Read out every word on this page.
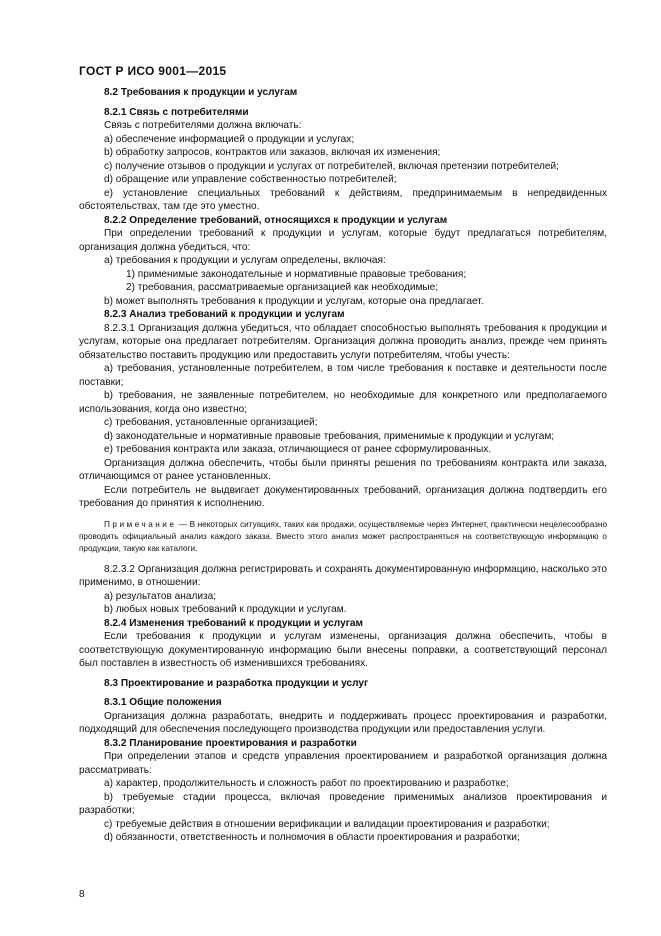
ГОСТ Р ИСО 9001—2015

8.2 Требования к продукции и услугам

8.2.1 Связь с потребителями

Связь с потребителями должна включать:

a) обеспечение информацией о продукции и услугах;

b) обработку запросов, контрактов или заказов, включая их изменения;

c) получение отзывов о продукции и услугах от потребителей, включая претензии потребителей;

d) обращение или управление собственностью потребителей;

e) установление специальных требований к действиям, предпринимаемым в непредвиденных обстоятельствах, там где это уместно.

8.2.2 Определение требований, относящихся к продукции и услугам

При определении требований к продукции и услугам, которые будут предлагаться потребителям, организация должна убедиться, что:

a) требования к продукции и услугам определены, включая:

1) применимые законодательные и нормативные правовые требования;

2) требования, рассматриваемые организацией как необходимые;

b) может выполнять требования к продукции и услугам, которые она предлагает.

8.2.3 Анализ требований к продукции и услугам

8.2.3.1 Организация должна убедиться, что обладает способностью выполнять требования к продукции и услугам, которые она предлагает потребителям. Организация должна проводить анализ, прежде чем принять обязательство поставить продукцию или предоставить услуги потребителям, чтобы учесть:

a) требования, установленные потребителем, в том числе требования к поставке и деятельности после поставки;

b) требования, не заявленные потребителем, но необходимые для конкретного или предполагаемого использования, когда оно известно;

c) требования, установленные организацией;

d) законодательные и нормативные правовые требования, применимые к продукции и услугам;

e) требования контракта или заказа, отличающиеся от ранее сформулированных.

Организация должна обеспечить, чтобы были приняты решения по требованиям контракта или заказа, отличающимся от ранее установленных.

Если потребитель не выдвигает документированных требований, организация должна подтвердить его требования до принятия к исполнению.

Примечание — В некоторых ситуациях, таких как продажи, осуществляемые через Интернет, практически нецелесообразно проводить официальный анализ каждого заказа. Вместо этого анализ может распространяться на соответствующую информацию о продукции, такую как каталоги.

8.2.3.2 Организация должна регистрировать и сохранять документированную информацию, насколько это применимо, в отношении:

a) результатов анализа;

b) любых новых требований к продукции и услугам.

8.2.4 Изменения требований к продукции и услугам

Если требования к продукции и услугам изменены, организация должна обеспечить, чтобы в соответствующую документированную информацию были внесены поправки, а соответствующий персонал был поставлен в известность об изменившихся требованиях.

8.3 Проектирование и разработка продукции и услуг

8.3.1 Общие положения

Организация должна разработать, внедрить и поддерживать процесс проектирования и разработки, подходящий для обеспечения последующего производства продукции или предоставления услуги.

8.3.2 Планирование проектирования и разработки

При определении этапов и средств управления проектированием и разработкой организация должна рассматривать:

a) характер, продолжительность и сложность работ по проектированию и разработке;

b) требуемые стадии процесса, включая проведение применимых анализов проектирования и разработки;

c) требуемые действия в отношении верификации и валидации проектирования и разработки;

d) обязанности, ответственность и полномочия в области проектирования и разработки;

8
